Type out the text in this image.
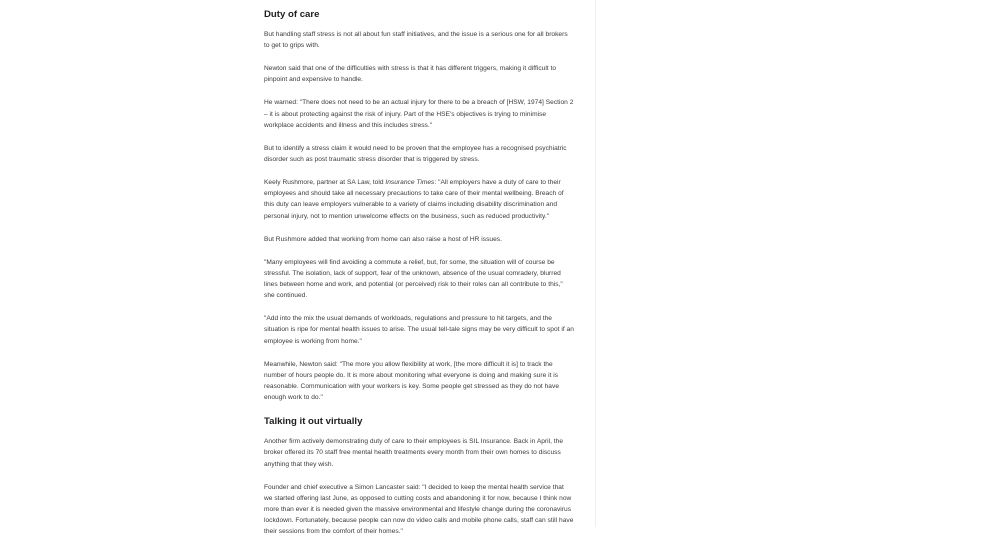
Duty of care

But handling staff stress is not all about fun staff initiatives, and the issue is a serious one for all brokers to get to grips with.

Newton said that one of the difficulties with stress is that it has different triggers, making it difficult to pinpoint and expensive to handle.

He warned: "There does not need to be an actual injury for there to be a breach of [HSW, 1974] Section 2 – it is about protecting against the risk of injury. Part of the HSE's objectives is trying to minimise workplace accidents and illness and this includes stress."

But to identify a stress claim it would need to be proven that the employee has a recognised psychiatric disorder such as post traumatic stress disorder that is triggered by stress.

Keely Rushmore, partner at SA Law, told Insurance Times: "All employers have a duty of care to their employees and should take all necessary precautions to take care of their mental wellbeing. Breach of this duty can leave employers vulnerable to a variety of claims including disability discrimination and personal injury, not to mention unwelcome effects on the business, such as reduced productivity."

But Rushmore added that working from home can also raise a host of HR issues.

"Many employees will find avoiding a commute a relief, but, for some, the situation will of course be stressful. The isolation, lack of support, fear of the unknown, absence of the usual comradery, blurred lines between home and work, and potential (or perceived) risk to their roles can all contribute to this," she continued.

"Add into the mix the usual demands of workloads, regulations and pressure to hit targets, and the situation is ripe for mental health issues to arise. The usual tell-tale signs may be very difficult to spot if an employee is working from home."

Meanwhile, Newton said: "The more you allow flexibility at work, [the more difficult it is] to track the number of hours people do. It is more about monitoring what everyone is doing and making sure it is reasonable. Communication with your workers is key. Some people get stressed as they do not have enough work to do."

Talking it out virtually

Another firm actively demonstrating duty of care to their employees is SIL Insurance. Back in April, the broker offered its 70 staff free mental health treatments every month from their own homes to discuss anything that they wish.

Founder and chief executive a Simon Lancaster said: "I decided to keep the mental health service that we started offering last June, as opposed to cutting costs and abandoning it for now, because I think now more than ever it is needed given the massive environmental and lifestyle change during the coronavirus lockdown. Fortunately, because people can now do video calls and mobile phone calls, staff can still have their sessions from the comfort of their homes."
